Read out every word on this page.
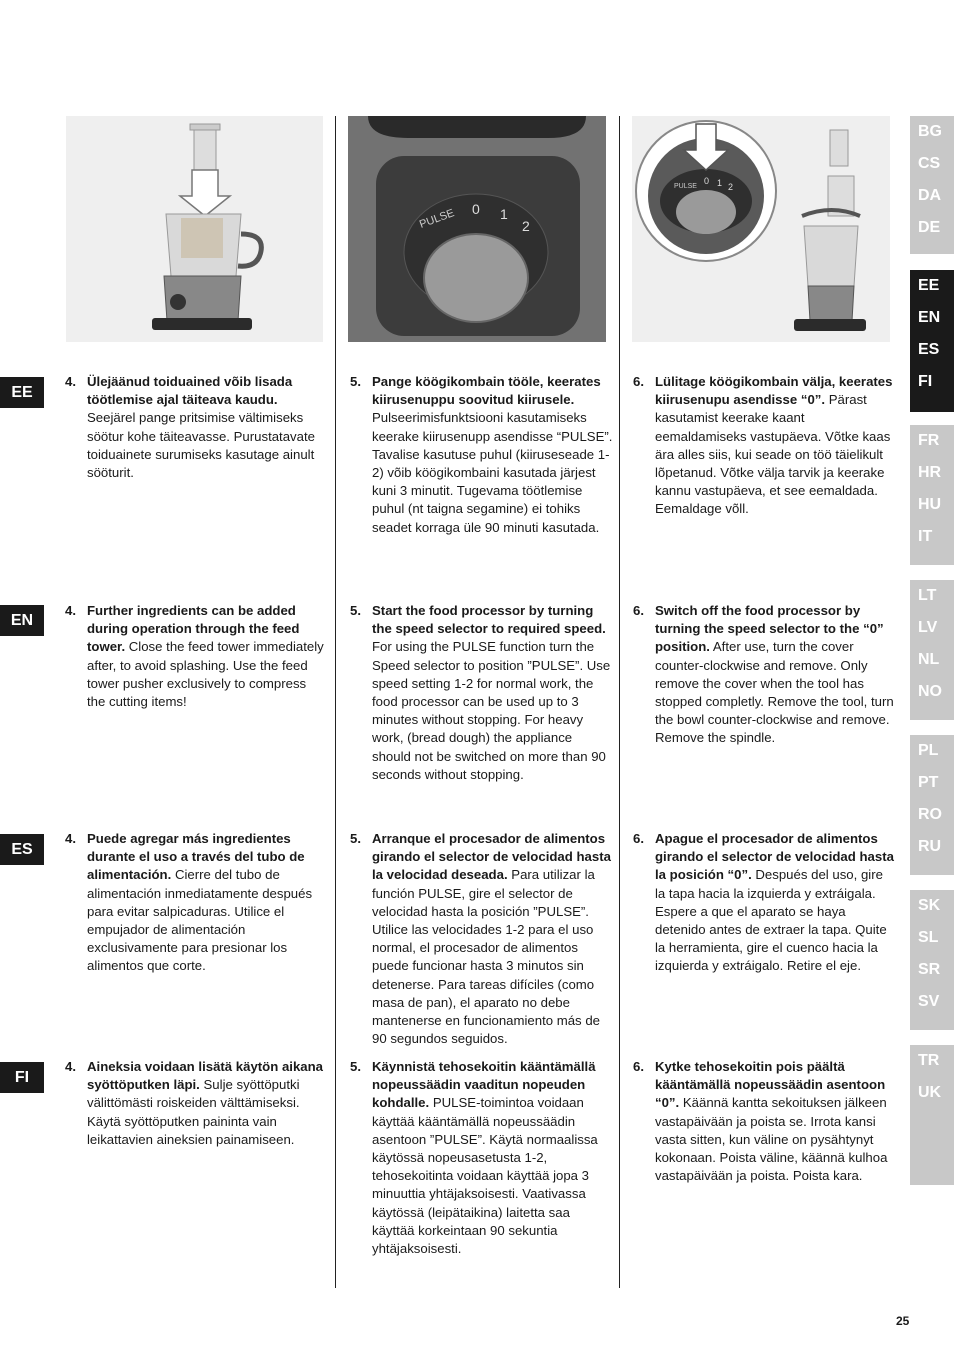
PULSE 0 1
2
PULSE
0 1 2
EE
4. Ülejäänud toiduained võib lisada töötlemise ajal täiteava kaudu. Seejärel pange pritsimise vältimiseks söötur kohe täiteavasse. Purustatavate toiduainete surumiseks kasutage ainult sööturit.
5. Pange köögikombain tööle, keerates kiirusenuppu soovitud kiirusele. Pulseerimisfunktsiooni kasutamiseks keerake kiirusenupp asendisse “PULSE”. Tavalise kasutuse puhul (kiiruseseade 1-2) võib köögikombaini kasutada järjest kuni 3 minutit. Tugevama töötlemise puhul (nt taigna segamine) ei tohiks seadet korraga üle 90 minuti kasutada.
6. Lülitage köögikombain välja, keerates kiirusenupu asendisse “0”. Pärast kasutamist keerake kaant eemaldamiseks vastupäeva. Võtke kaas ära alles siis, kui seade on töö täielikult lõpetanud. Võtke välja tarvik ja keerake kannu vastupäeva, et see eemaldada. Eemaldage võll.
EN
4. Further ingredients can be added during operation through the feed tower. Close the feed tower immediately after, to avoid splashing. Use the feed tower pusher exclusively to compress the cutting items!
5. Start the food processor by turning the speed selector to required speed. For using the PULSE function turn the Speed selector to position ”PULSE”. Use speed setting 1-2 for normal work, the food processor can be used up to 3 minutes without stopping. For heavy work, (bread dough) the appliance should not be switched on more than 90 seconds without stopping.
6. Switch off the food processor by turning the speed selector to the “0” position. After use, turn the cover counter-clockwise and remove. Only remove the cover when the tool has stopped completly. Remove the tool, turn the bowl counter-clockwise and remove. Remove the spindle.
ES
4. Puede agregar más ingredientes durante el uso a través del tubo de alimentación. Cierre del tubo de alimentación inmediatamente después para evitar salpicaduras. Utilice el empujador de alimentación exclusivamente para presionar los alimentos que corte.
5. Arranque el procesador de alimentos girando el selector de velocidad hasta la velocidad deseada. Para utilizar la función PULSE, gire el selector de velocidad hasta la posición ”PULSE”. Utilice las velocidades 1-2 para el uso normal, el procesador de alimentos puede funcionar hasta 3 minutos sin detenerse. Para tareas difíciles (como masa de pan), el aparato no debe mantenerse en funcionamiento más de 90 segundos seguidos.
6. Apague el procesador de alimentos girando el selector de velocidad hasta la posición “0”. Después del uso, gire la tapa hacia la izquierda y extráigala. Espere a que el aparato se haya detenido antes de extraer la tapa. Quite la herramienta, gire el cuenco hacia la izquierda y extráigalo. Retire el eje.
FI
4. Aineksia voidaan lisätä käytön aikana syöttöputken läpi. Sulje syöttöputki välittömästi roiskeiden välttämiseksi. Käytä syöttöputken paininta vain leikattavien aineksien painamiseen.
5. Käynnistä tehosekoitin kääntämällä nopeussäädin vaaditun nopeuden kohdalle. PULSE-toimintoa voidaan käyttää kääntämällä nopeussäädin asentoon ”PULSE”. Käytä normaalissa käytössä nopeusasetusta 1-2, tehosekoitinta voidaan käyttää jopa 3 minuuttia yhtäjaksoisesti. Vaativassa käytössä (leipätaikina) laitetta saa käyttää korkeintaan 90 sekuntia yhtäjaksoisesti.
6. Kytke tehosekoitin pois päältä kääntämällä nopeussäädin asentoon “0”. Käännä kantta sekoituksen jälkeen vastapäivään ja poista se. Irrota kansi vasta sitten, kun väline on pysähtynyt kokonaan. Poista väline, käännä kulhoa vastapäivään ja poista. Poista kara.
BG
CS
DA
DE
EE
EN
ES
FI
FR
HR
HU
IT
LT
LV
NL
NO
PL
PT
RO
RU
SK
SL
SR
SV
TR
UK
25
